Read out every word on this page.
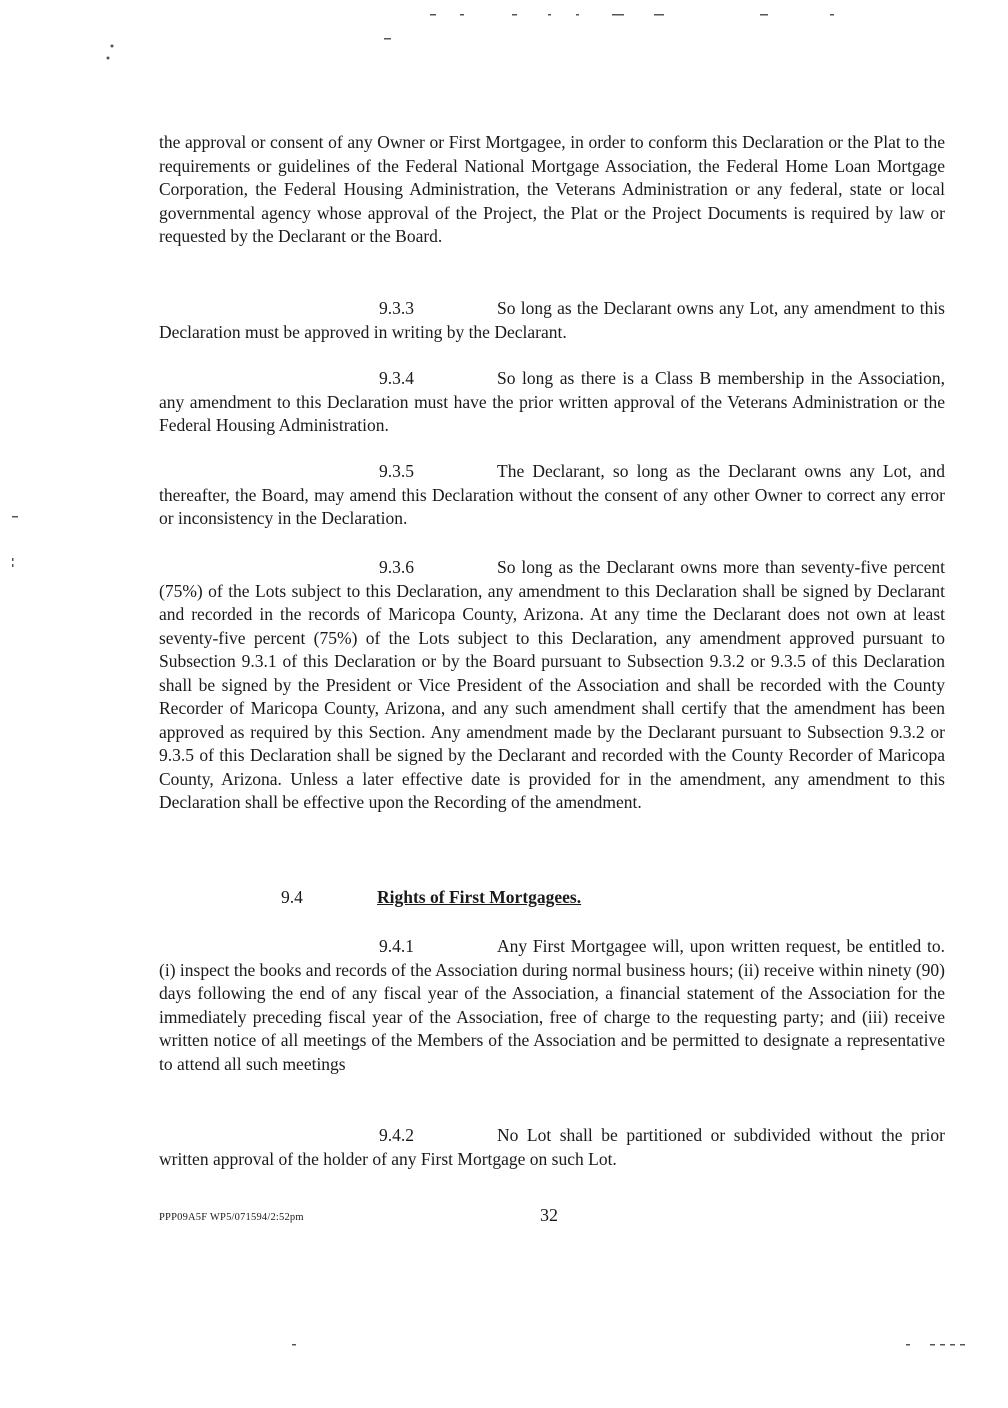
the approval or consent of any Owner or First Mortgagee, in order to conform this Declaration or the Plat to the requirements or guidelines of the Federal National Mortgage Association, the Federal Home Loan Mortgage Corporation, the Federal Housing Administration, the Veterans Administration or any federal, state or local governmental agency whose approval of the Project, the Plat or the Project Documents is required by law or requested by the Declarant or the Board.

9.3.3	So long as the Declarant owns any Lot, any amendment to this Declaration must be approved in writing by the Declarant.

9.3.4	So long as there is a Class B membership in the Association, any amendment to this Declaration must have the prior written approval of the Veterans Administration or the Federal Housing Administration.

9.3.5	The Declarant, so long as the Declarant owns any Lot, and thereafter, the Board, may amend this Declaration without the consent of any other Owner to correct any error or inconsistency in the Declaration.

9.3.6	So long as the Declarant owns more than seventy-five percent (75%) of the Lots subject to this Declaration, any amendment to this Declaration shall be signed by Declarant and recorded in the records of Maricopa County, Arizona. At any time the Declarant does not own at least seventy-five percent (75%) of the Lots subject to this Declaration, any amendment approved pursuant to Subsection 9.3.1 of this Declaration or by the Board pursuant to Subsection 9.3.2 or 9.3.5 of this Declaration shall be signed by the President or Vice President of the Association and shall be recorded with the County Recorder of Maricopa County, Arizona, and any such amendment shall certify that the amendment has been approved as required by this Section. Any amendment made by the Declarant pursuant to Subsection 9.3.2 or 9.3.5 of this Declaration shall be signed by the Declarant and recorded with the County Recorder of Maricopa County, Arizona. Unless a later effective date is provided for in the amendment, any amendment to this Declaration shall be effective upon the Recording of the amendment.

9.4	Rights of First Mortgagees.

9.4.1	Any First Mortgagee will, upon written request, be entitled to. (i) inspect the books and records of the Association during normal business hours; (ii) receive within ninety (90) days following the end of any fiscal year of the Association, a financial statement of the Association for the immediately preceding fiscal year of the Association, free of charge to the requesting party; and (iii) receive written notice of all meetings of the Members of the Association and be permitted to designate a representative to attend all such meetings

9.4.2	No Lot shall be partitioned or subdivided without the prior written approval of the holder of any First Mortgage on such Lot.

PPP09A5F WP5/071594/2:52pm	32
